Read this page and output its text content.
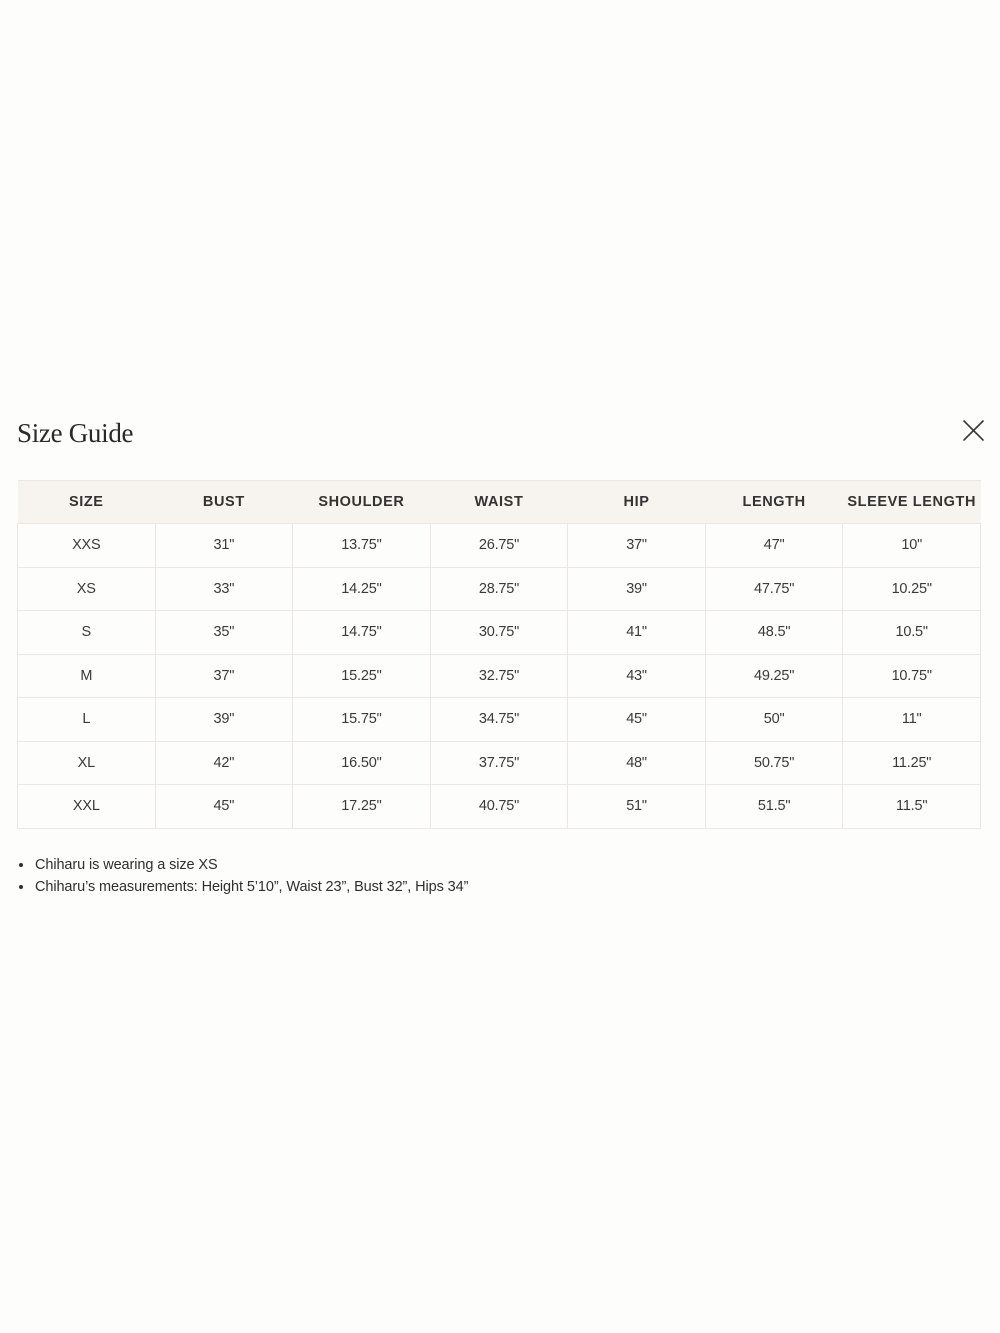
Size Guide
SIZE	BUST	SHOULDER	WAIST	HIP	LENGTH	SLEEVE LENGTH
XXS	31"	13.75"	26.75"	37"	47"	10"
XS	33"	14.25"	28.75"	39"	47.75"	10.25"
S	35"	14.75"	30.75"	41"	48.5"	10.5"
M	37"	15.25"	32.75"	43"	49.25"	10.75"
L	39"	15.75"	34.75"	45"	50"	11"
XL	42"	16.50"	37.75"	48"	50.75"	11.25"
XXL	45"	17.25"	40.75"	51"	51.5"	11.5"
Chiharu is wearing a size XS
Chiharu’s measurements: Height 5’10”, Waist 23”, Bust 32”, Hips 34”
